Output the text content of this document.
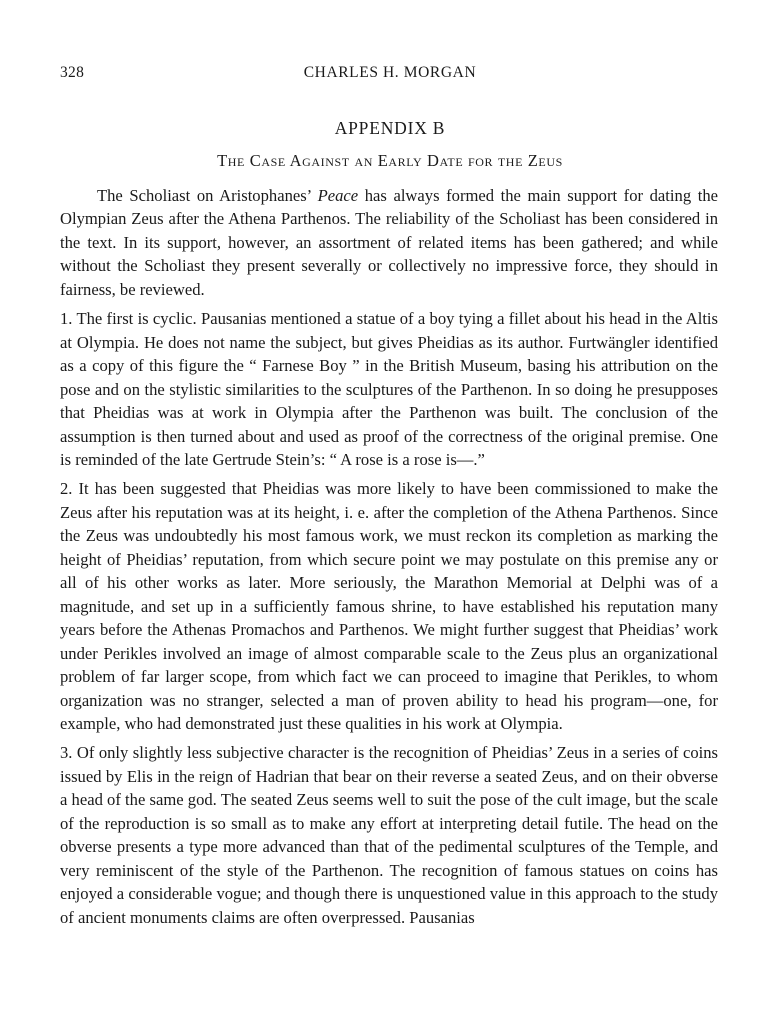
328	CHARLES H. MORGAN
APPENDIX B
The Case Against an Early Date for the Zeus

The Scholiast on Aristophanes’ Peace has always formed the main support for dating the Olympian Zeus after the Athena Parthenos. The reliability of the Scholiast has been considered in the text. In its support, however, an assortment of related items has been gathered; and while without the Scholiast they present severally or collectively no impressive force, they should in fairness, be reviewed.

1. The first is cyclic. Pausanias mentioned a statue of a boy tying a fillet about his head in the Altis at Olympia. He does not name the subject, but gives Pheidias as its author. Furtwängler identified as a copy of this figure the “ Farnese Boy ” in the British Museum, basing his attribution on the pose and on the stylistic similarities to the sculptures of the Parthenon. In so doing he presupposes that Pheidias was at work in Olympia after the Parthenon was built. The conclusion of the assumption is then turned about and used as proof of the correctness of the original premise. One is reminded of the late Gertrude Stein’s: “ A rose is a rose is—.”

2. It has been suggested that Pheidias was more likely to have been commissioned to make the Zeus after his reputation was at its height, i. e. after the completion of the Athena Parthenos. Since the Zeus was undoubtedly his most famous work, we must reckon its completion as marking the height of Pheidias’ reputation, from which secure point we may postulate on this premise any or all of his other works as later. More seriously, the Marathon Memorial at Delphi was of a magnitude, and set up in a sufficiently famous shrine, to have established his reputation many years before the Athenas Promachos and Parthenos. We might further suggest that Pheidias’ work under Perikles involved an image of almost comparable scale to the Zeus plus an organizational problem of far larger scope, from which fact we can proceed to imagine that Perikles, to whom organization was no stranger, selected a man of proven ability to head his program—one, for example, who had demonstrated just these qualities in his work at Olympia.

3. Of only slightly less subjective character is the recognition of Pheidias’ Zeus in a series of coins issued by Elis in the reign of Hadrian that bear on their reverse a seated Zeus, and on their obverse a head of the same god. The seated Zeus seems well to suit the pose of the cult image, but the scale of the reproduction is so small as to make any effort at interpreting detail futile. The head on the obverse presents a type more advanced than that of the pedimental sculptures of the Temple, and very reminiscent of the style of the Parthenon. The recognition of famous statues on coins has enjoyed a considerable vogue; and though there is unquestioned value in this approach to the study of ancient monuments claims are often overpressed. Pausanias
